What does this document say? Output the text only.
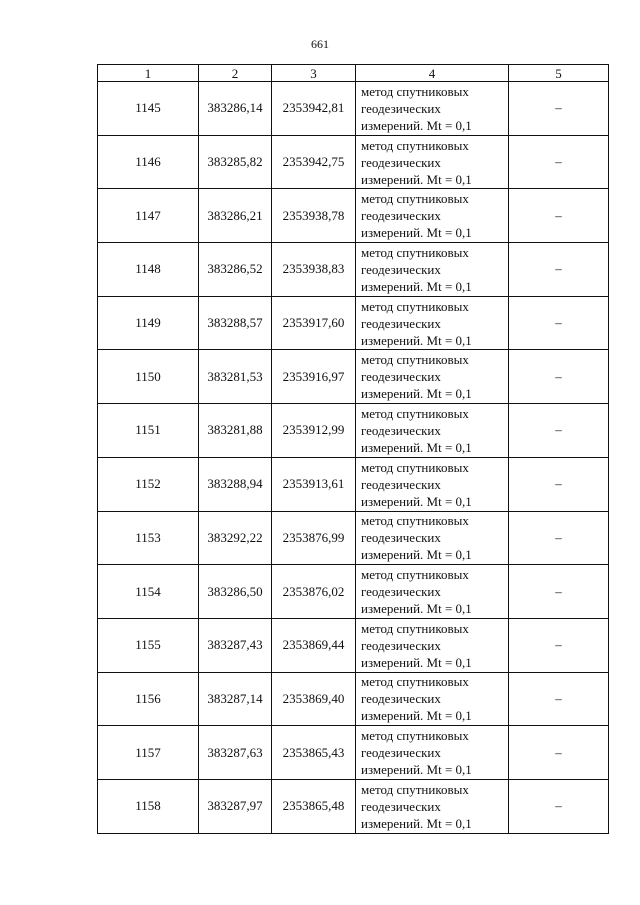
661
1	2	3	4	5
1145	383286,14	2353942,81	метод спутниковых
геодезических
измерений. Mt = 0,1	–
1146	383285,82	2353942,75	метод спутниковых
геодезических
измерений. Mt = 0,1	–
1147	383286,21	2353938,78	метод спутниковых
геодезических
измерений. Mt = 0,1	–
1148	383286,52	2353938,83	метод спутниковых
геодезических
измерений. Mt = 0,1	–
1149	383288,57	2353917,60	метод спутниковых
геодезических
измерений. Mt = 0,1	–
1150	383281,53	2353916,97	метод спутниковых
геодезических
измерений. Mt = 0,1	–
1151	383281,88	2353912,99	метод спутниковых
геодезических
измерений. Mt = 0,1	–
1152	383288,94	2353913,61	метод спутниковых
геодезических
измерений. Mt = 0,1	–
1153	383292,22	2353876,99	метод спутниковых
геодезических
измерений. Mt = 0,1	–
1154	383286,50	2353876,02	метод спутниковых
геодезических
измерений. Mt = 0,1	–
1155	383287,43	2353869,44	метод спутниковых
геодезических
измерений. Mt = 0,1	–
1156	383287,14	2353869,40	метод спутниковых
геодезических
измерений. Mt = 0,1	–
1157	383287,63	2353865,43	метод спутниковых
геодезических
измерений. Mt = 0,1	–
1158	383287,97	2353865,48	метод спутниковых
геодезических
измерений. Mt = 0,1	–
